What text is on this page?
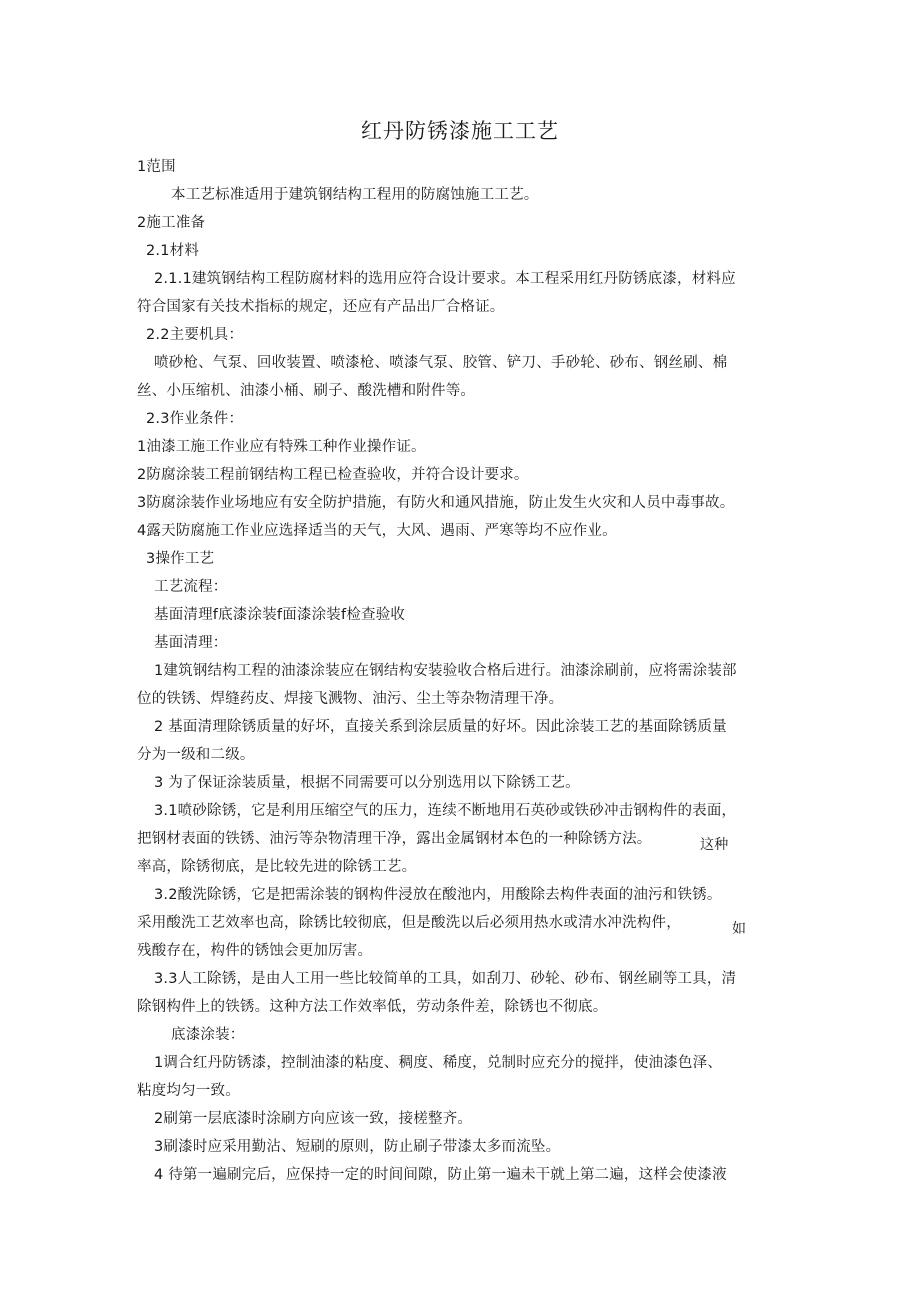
红丹防锈漆施工工艺

1范围

本工艺标准适用于建筑钢结构工程用的防腐蚀施工工艺。

2施工准备

2.1材料

2.1.1建筑钢结构工程防腐材料的选用应符合设计要求。本工程采用红丹防锈底漆，材料应

符合国家有关技术指标的规定，还应有产品出厂合格证。

2.2主要机具：

喷砂枪、气泵、回收装置、喷漆枪、喷漆气泵、胶管、铲刀、手砂轮、砂布、钢丝刷、棉

丝、小压缩机、油漆小桶、刷子、酸洗槽和附件等。

2.3作业条件：

1油漆工施工作业应有特殊工种作业操作证。

2防腐涂装工程前钢结构工程已检查验收，并符合设计要求。

3防腐涂装作业场地应有安全防护措施，有防火和通风措施，防止发生火灾和人员中毒事故。

4露天防腐施工作业应选择适当的天气，大风、遇雨、严寒等均不应作业。

3操作工艺

工艺流程：

基面清理f底漆涂装f面漆涂装f检查验收

基面清理：

1建筑钢结构工程的油漆涂装应在钢结构安装验收合格后进行。油漆涂刷前，应将需涂装部

位的铁锈、焊缝药皮、焊接飞溅物、油污、尘土等杂物清理干净。

2 基面清理除锈质量的好坏，直接关系到涂层质量的好坏。因此涂装工艺的基面除锈质量

分为一级和二级。

3 为了保证涂装质量，根据不同需要可以分别选用以下除锈工艺。

3.1喷砂除锈，它是利用压缩空气的压力，连续不断地用石英砂或铁砂冲击钢构件的表面，

把钢材表面的铁锈、油污等杂物清理干净，露出金属钢材本色的一种除锈方法。	这种

率高，除锈彻底，是比较先进的除锈工艺。

3.2酸洗除锈，它是把需涂装的钢构件浸放在酸池内，用酸除去构件表面的油污和铁锈。

采用酸洗工艺效率也高，除锈比较彻底，但是酸洗以后必须用热水或清水冲洗构件，	如

残酸存在，构件的锈蚀会更加厉害。

3.3人工除锈，是由人工用一些比较简单的工具，如刮刀、砂轮、砂布、钢丝刷等工具，清

除钢构件上的铁锈。这种方法工作效率低，劳动条件差，除锈也不彻底。

底漆涂装：

1调合红丹防锈漆，控制油漆的粘度、稠度、稀度，兑制时应充分的搅拌，使油漆色泽、

粘度均匀一致。

2刷第一层底漆时涂刷方向应该一致，接槎整齐。

3刷漆时应采用勤沾、短刷的原则，防止刷子带漆太多而流坠。

4 待第一遍刷完后，应保持一定的时间间隙，防止第一遍未干就上第二遍，这样会使漆液
